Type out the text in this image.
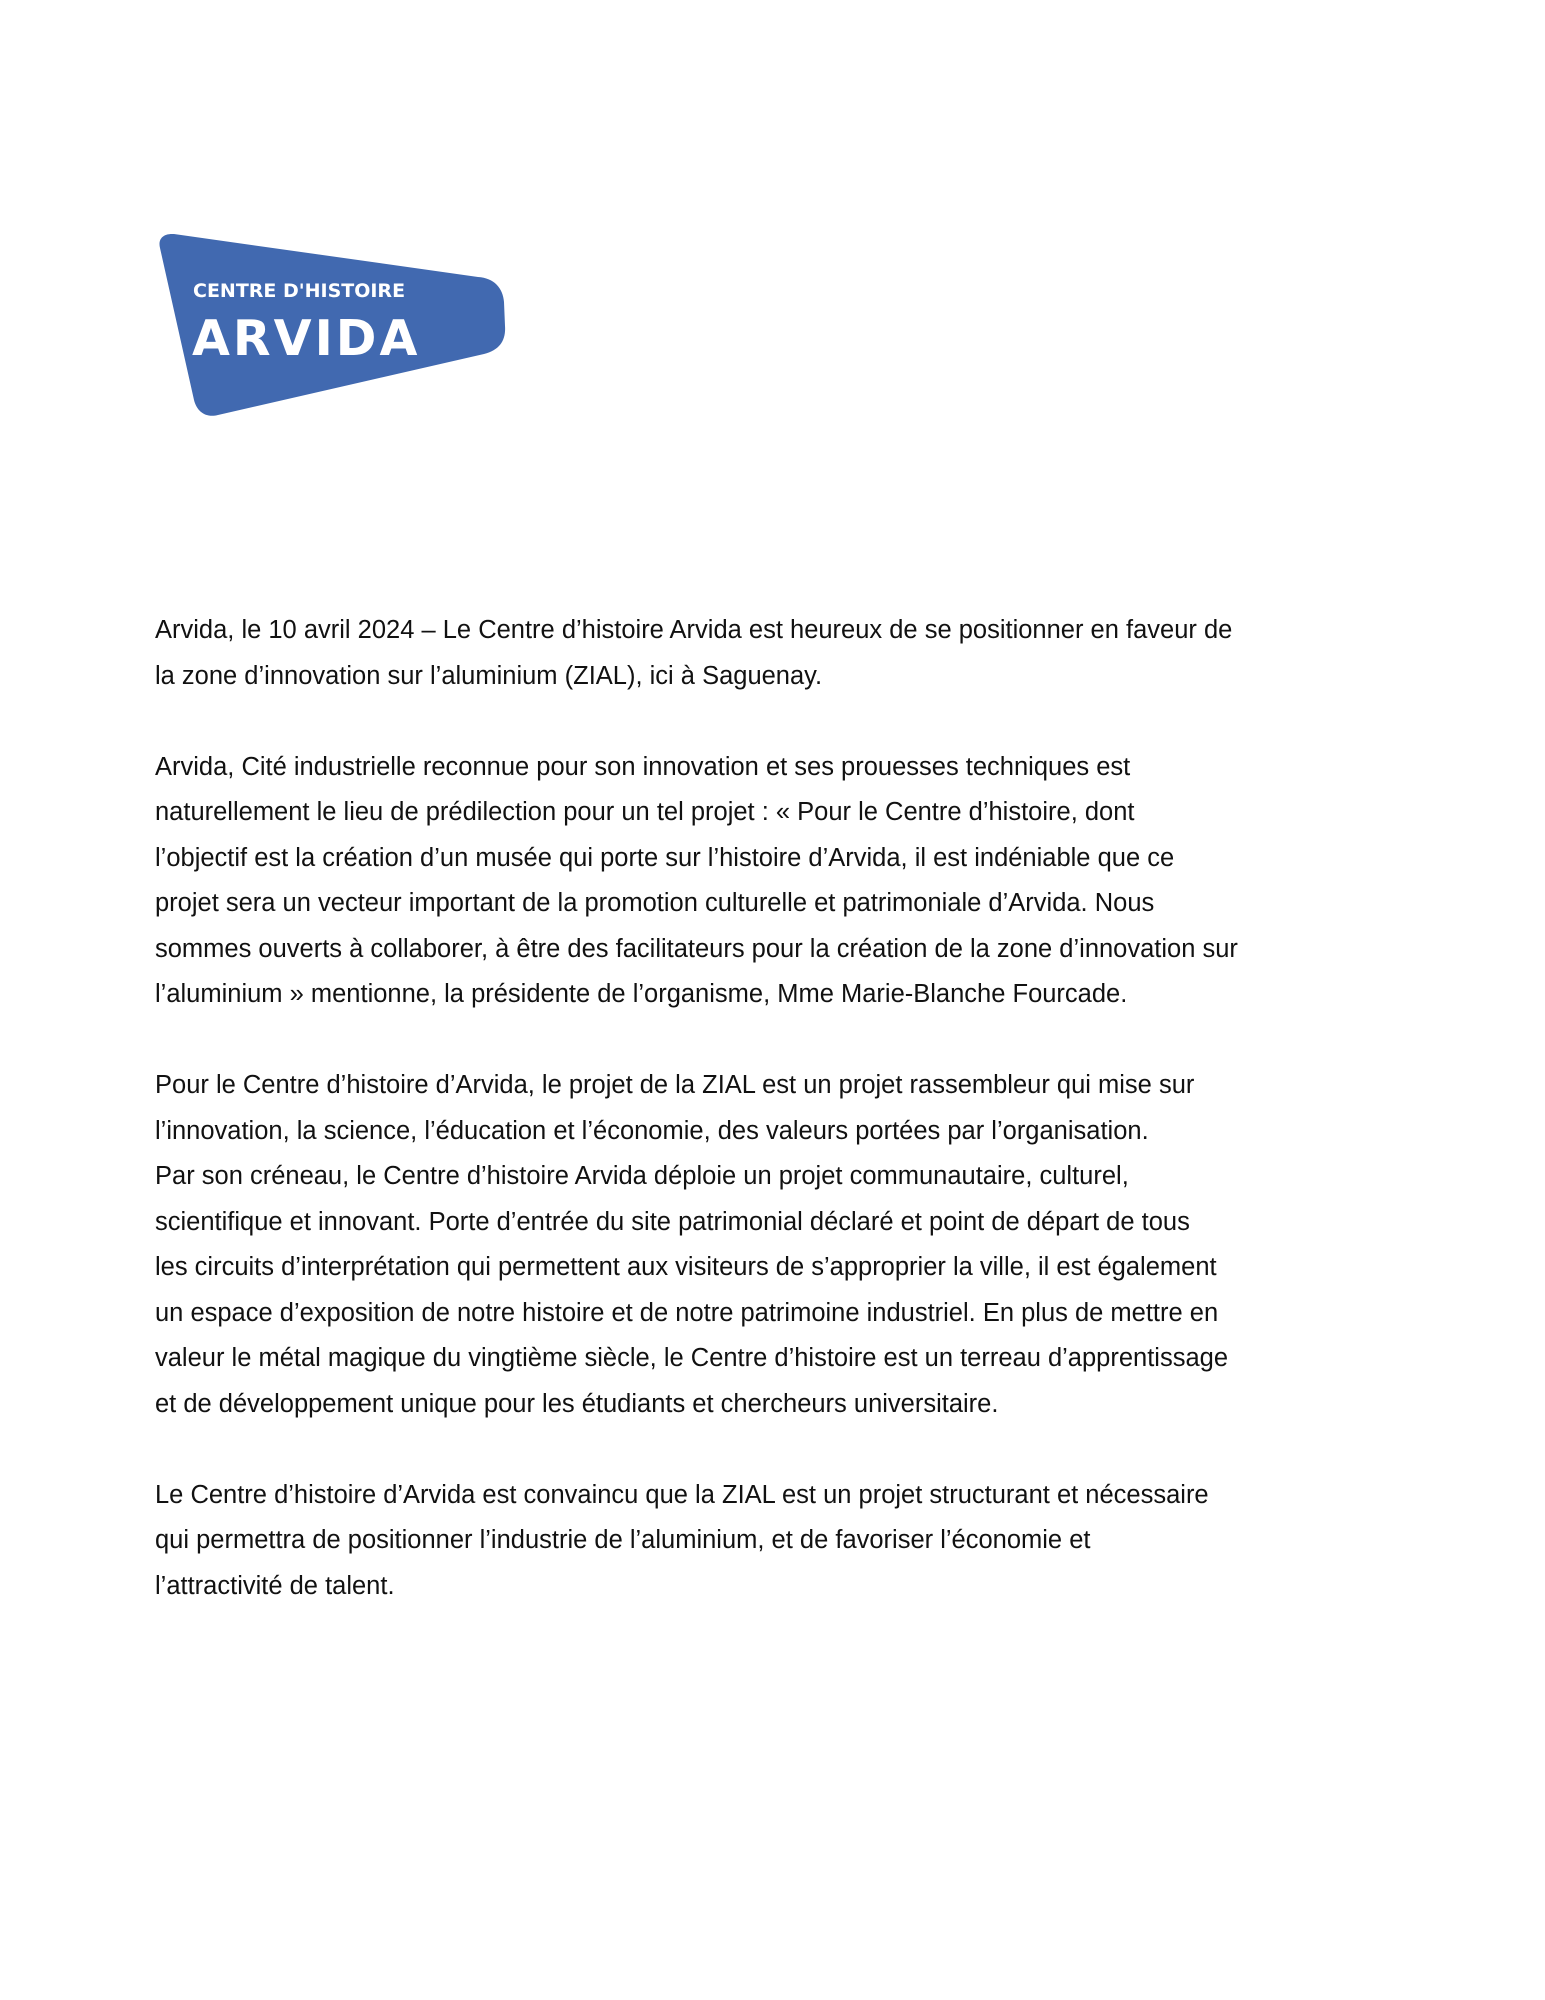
CENTRE D'HISTOIRE
ARVIDA

Arvida, le 10 avril 2024 – Le Centre d’histoire Arvida est heureux de se positionner en faveur de
la zone d’innovation sur l’aluminium (ZIAL), ici à Saguenay.

Arvida, Cité industrielle reconnue pour son innovation et ses prouesses techniques est
naturellement le lieu de prédilection pour un tel projet : « Pour le Centre d’histoire, dont
l’objectif est la création d’un musée qui porte sur l’histoire d’Arvida, il est indéniable que ce
projet sera un vecteur important de la promotion culturelle et patrimoniale d’Arvida. Nous
sommes ouverts à collaborer, à être des facilitateurs pour la création de la zone d’innovation sur
l’aluminium » mentionne, la présidente de l’organisme, Mme Marie-Blanche Fourcade.

Pour le Centre d’histoire d’Arvida, le projet de la ZIAL est un projet rassembleur qui mise sur
l’innovation, la science, l’éducation et l’économie, des valeurs portées par l’organisation.
Par son créneau, le Centre d’histoire Arvida déploie un projet communautaire, culturel,
scientifique et innovant. Porte d’entrée du site patrimonial déclaré et point de départ de tous
les circuits d’interprétation qui permettent aux visiteurs de s’approprier la ville, il est également
un espace d’exposition de notre histoire et de notre patrimoine industriel. En plus de mettre en
valeur le métal magique du vingtième siècle, le Centre d’histoire est un terreau d’apprentissage
et de développement unique pour les étudiants et chercheurs universitaire.

Le Centre d’histoire d’Arvida est convaincu que la ZIAL est un projet structurant et nécessaire
qui permettra de positionner l’industrie de l’aluminium, et de favoriser l’économie et
l’attractivité de talent.
